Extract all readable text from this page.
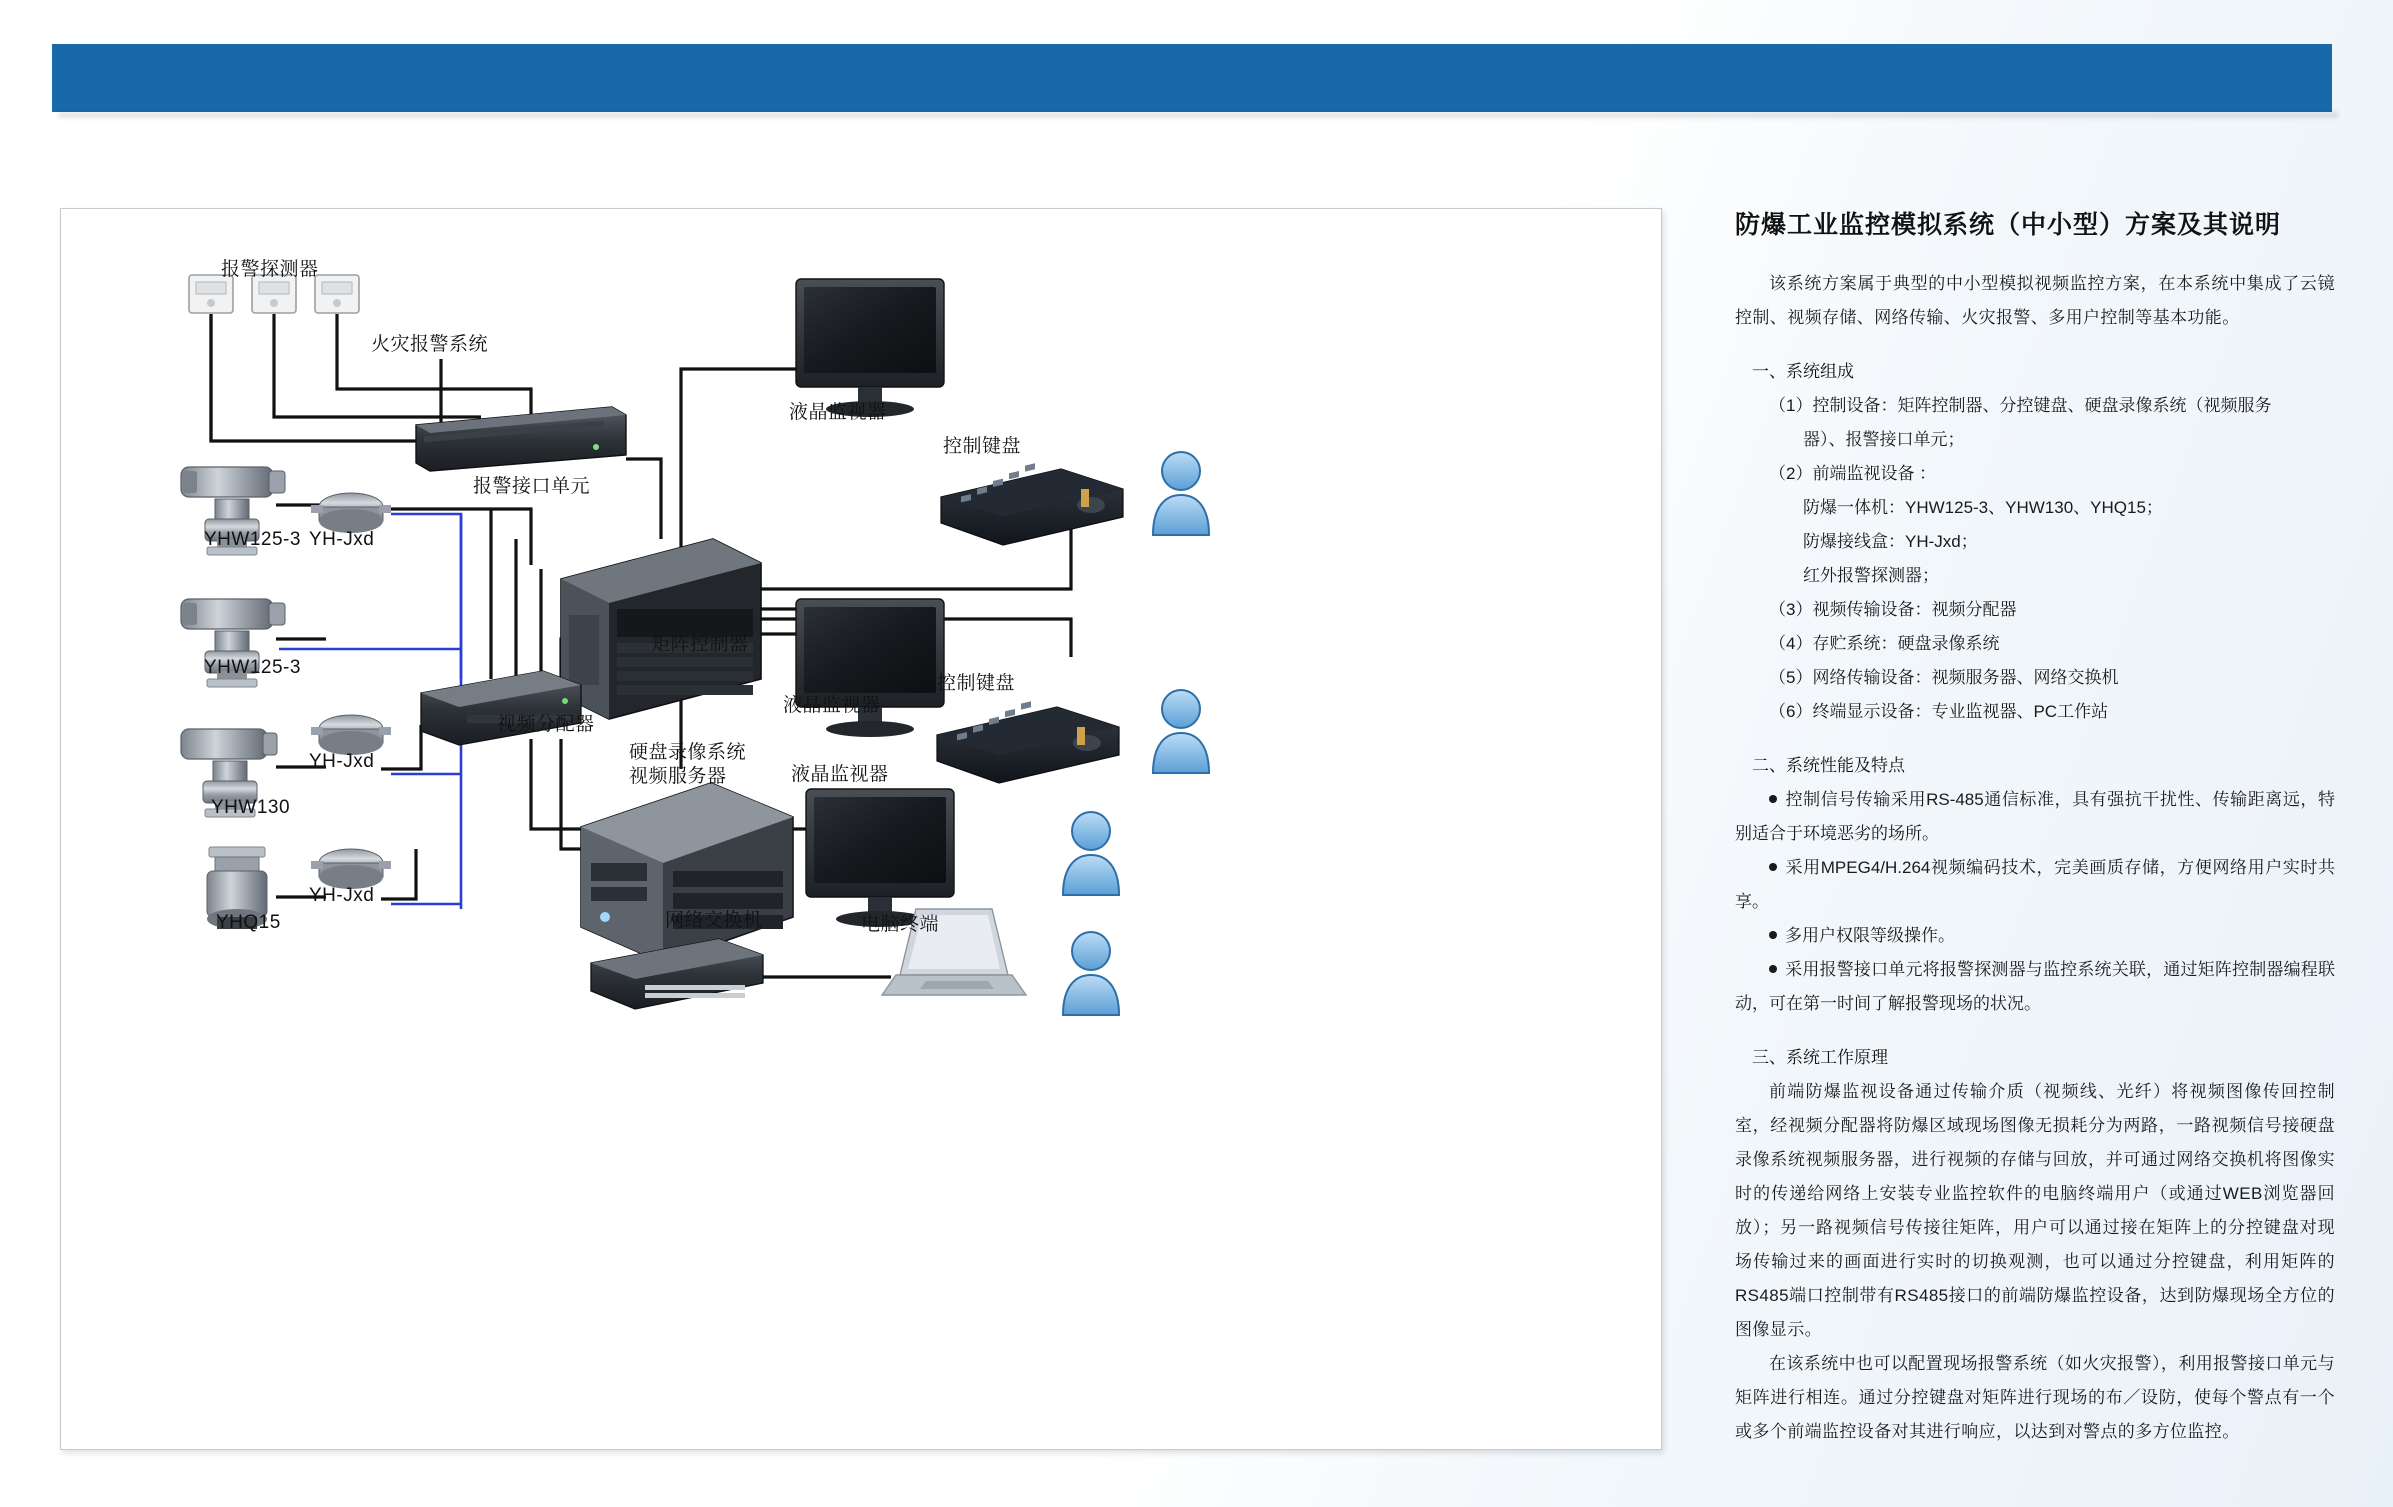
报警探测器
火灾报警系统
报警接口单元
YHW125-3 YH-Jxd
YHW125-3
YHW130
YH-Jxd
YHQ15
YH-Jxd
矩阵控制器
视频分配器
硬盘录像系统
视频服务器
液晶监视器
液晶监视器
液晶监视器
控制键盘
控制键盘
网络交换机	电脑终端
防爆工业监控模拟系统（中小型）方案及其说明
该系统方案属于典型的中小型模拟视频监控方案，在本系统中集成了云镜控制、视频存储、网络传输、火灾报警、多用户控制等基本功能。
一、系统组成
（1）控制设备：矩阵控制器、分控键盘、硬盘录像系统（视频服务
器）、报警接口单元；
（2）前端监视设备 ：
防爆一体机：YHW125-3、YHW130、YHQ15；
防爆接线盒：YH-Jxd；
红外报警探测器；
（3）视频传输设备：视频分配器
（4）存贮系统：硬盘录像系统
（5）网络传输设备：视频服务器、网络交换机
（6）终端显示设备：专业监视器、PC工作站
二、系统性能及特点
控制信号传输采用RS-485通信标准，具有强抗干扰性、传输距离远，特别适合于环境恶劣的场所。
采用MPEG4/H.264视频编码技术，完美画质存储，方便网络用户实时共享。
多用户权限等级操作。
采用报警接口单元将报警探测器与监控系统关联，通过矩阵控制器编程联动，可在第一时间了解报警现场的状况。
三、系统工作原理
前端防爆监视设备通过传输介质（视频线、光纤）将视频图像传回控制室，经视频分配器将防爆区域现场图像无损耗分为两路，一路视频信号接硬盘录像系统视频服务器，进行视频的存储与回放，并可通过网络交换机将图像实时的传递给网络上安装专业监控软件的电脑终端用户（或通过WEB浏览器回放）；另一路视频信号传接往矩阵，用户可以通过接在矩阵上的分控键盘对现场传输过来的画面进行实时的切换观测，也可以通过分控键盘，利用矩阵的RS485端口控制带有RS485接口的前端防爆监控设备，达到防爆现场全方位的图像显示。
在该系统中也可以配置现场报警系统（如火灾报警），利用报警接口单元与矩阵进行相连。通过分控键盘对矩阵进行现场的布／设防，使每个警点有一个或多个前端监控设备对其进行响应，以达到对警点的多方位监控。
